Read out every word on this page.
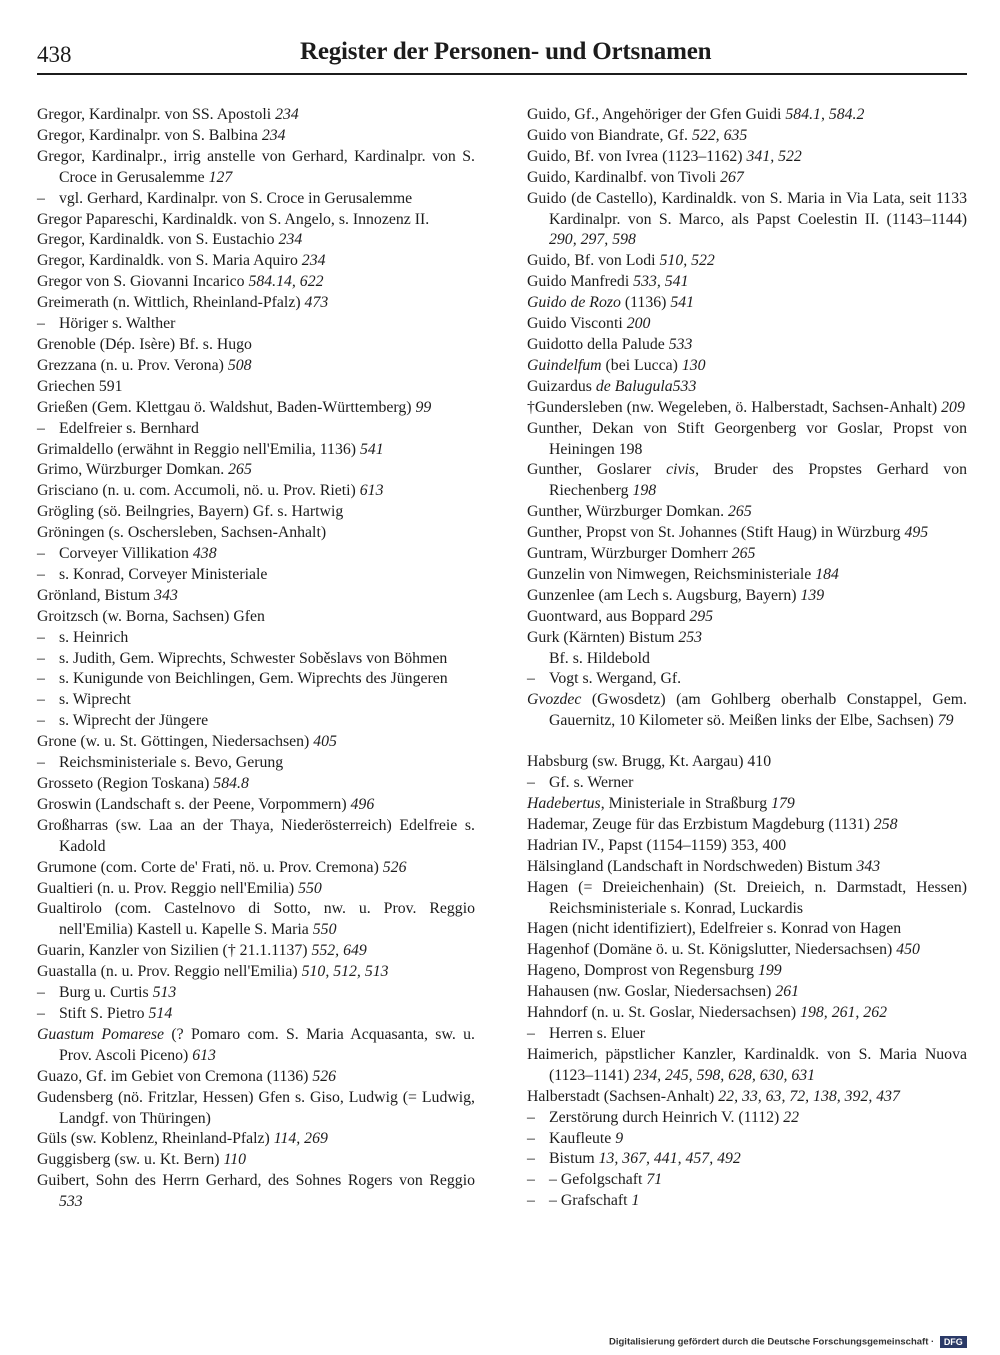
438	Register der Personen- und Ortsnamen

Gregor, Kardinalpr. von SS. Apostoli 234

Gregor, Kardinalpr. von S. Balbina 234

Gregor, Kardinalpr., irrig anstelle von Gerhard, Kardinalpr. von S. Croce in Gerusalemme 127

– vgl. Gerhard, Kardinalpr. von S. Croce in Gerusalemme

Gregor Papareschi, Kardinaldk. von S. Angelo, s. Innozenz II.

Gregor, Kardinaldk. von S. Eustachio 234

Gregor, Kardinaldk. von S. Maria Aquiro 234

Gregor von S. Giovanni Incarico 584.14, 622

Greimerath (n. Wittlich, Rheinland-Pfalz) 473

– Höriger s. Walther

Grenoble (Dép. Isère) Bf. s. Hugo

Grezzana (n. u. Prov. Verona) 508

Griechen 591

Grießen (Gem. Klettgau ö. Waldshut, Baden-Württemberg) 99

– Edelfreier s. Bernhard

Grimaldello (erwähnt in Reggio nell'Emilia, 1136) 541

Grimo, Würzburger Domkan. 265

Grisciano (n. u. com. Accumoli, nö. u. Prov. Rieti) 613

Grögling (sö. Beilngries, Bayern) Gf. s. Hartwig

Gröningen (s. Oschersleben, Sachsen-Anhalt)

– Corveyer Villikation 438

– s. Konrad, Corveyer Ministeriale

Grönland, Bistum 343

Groitzsch (w. Borna, Sachsen) Gfen

– s. Heinrich

– s. Judith, Gem. Wiprechts, Schwester Soběslavs von Böhmen

– s. Kunigunde von Beichlingen, Gem. Wiprechts des Jüngeren

– s. Wiprecht

– s. Wiprecht der Jüngere

Grone (w. u. St. Göttingen, Niedersachsen) 405

– Reichsministeriale s. Bevo, Gerung

Grosseto (Region Toskana) 584.8

Groswin (Landschaft s. der Peene, Vorpommern) 496

Großharras (sw. Laa an der Thaya, Niederösterreich) Edelfreie s. Kadold

Grumone (com. Corte de' Frati, nö. u. Prov. Cremona) 526

Gualtieri (n. u. Prov. Reggio nell'Emilia) 550

Gualtirolo (com. Castelnovo di Sotto, nw. u. Prov. Reggio nell'Emilia) Kastell u. Kapelle S. Maria 550

Guarin, Kanzler von Sizilien († 21.1.1137) 552, 649

Guastalla (n. u. Prov. Reggio nell'Emilia) 510, 512, 513

– Burg u. Curtis 513

– Stift S. Pietro 514

Guastum Pomarese (? Pomaro com. S. Maria Acquasanta, sw. u. Prov. Ascoli Piceno) 613

Guazo, Gf. im Gebiet von Cremona (1136) 526

Gudensberg (nö. Fritzlar, Hessen) Gfen s. Giso, Ludwig (= Ludwig, Landgf. von Thüringen)

Güls (sw. Koblenz, Rheinland-Pfalz) 114, 269

Guggisberg (sw. u. Kt. Bern) 110

Guibert, Sohn des Herrn Gerhard, des Sohnes Rogers von Reggio 533

Guido, Gf., Angehöriger der Gfen Guidi 584.1, 584.2

Guido von Biandrate, Gf. 522, 635

Guido, Bf. von Ivrea (1123–1162) 341, 522

Guido, Kardinalbf. von Tivoli 267

Guido (de Castello), Kardinaldk. von S. Maria in Via Lata, seit 1133 Kardinalpr. von S. Marco, als Papst Coelestin II. (1143–1144) 290, 297, 598

Guido, Bf. von Lodi 510, 522

Guido Manfredi 533, 541

Guido de Rozo (1136) 541

Guido Visconti 200

Guidotto della Palude 533

Guindelfum (bei Lucca) 130

Guizardus de Balugula533

†Gundersleben (nw. Wegeleben, ö. Halberstadt, Sachsen-Anhalt) 209

Gunther, Dekan von Stift Georgenberg vor Goslar, Propst von Heiningen 198

Gunther, Goslarer civis, Bruder des Propstes Gerhard von Riechenberg 198

Gunther, Würzburger Domkan. 265

Gunther, Propst von St. Johannes (Stift Haug) in Würzburg 495

Guntram, Würzburger Domherr 265

Gunzelin von Nimwegen, Reichsministeriale 184

Gunzenlee (am Lech s. Augsburg, Bayern) 139

Guontward, aus Boppard 295

Gurk (Kärnten) Bistum 253

Bf. s. Hildebold

– Vogt s. Wergand, Gf.

Gvozdec (Gwosdetz) (am Gohlberg oberhalb Constappel, Gem. Gauernitz, 10 Kilometer sö. Meißen links der Elbe, Sachsen) 79

Habsburg (sw. Brugg, Kt. Aargau) 410

– Gf. s. Werner

Hadebertus, Ministeriale in Straßburg 179

Hademar, Zeuge für das Erzbistum Magdeburg (1131) 258

Hadrian IV., Papst (1154–1159) 353, 400

Hälsingland (Landschaft in Nordschweden) Bistum 343

Hagen (= Dreieichenhain) (St. Dreieich, n. Darmstadt, Hessen) Reichsministeriale s. Konrad, Luckardis

Hagen (nicht identifiziert), Edelfreier s. Konrad von Hagen

Hagenhof (Domäne ö. u. St. Königslutter, Niedersachsen) 450

Hageno, Domprost von Regensburg 199

Hahausen (nw. Goslar, Niedersachsen) 261

Hahndorf (n. u. St. Goslar, Niedersachsen) 198, 261, 262

– Herren s. Eluer

Haimerich, päpstlicher Kanzler, Kardinaldk. von S. Maria Nuova (1123–1141) 234, 245, 598, 628, 630, 631

Halberstadt (Sachsen-Anhalt) 22, 33, 63, 72, 138, 392, 437

– Zerstörung durch Heinrich V. (1112) 22

– Kaufleute 9

– Bistum 13, 367, 441, 457, 492

– – Gefolgschaft 71

– – Grafschaft 1

Digitalisierung gefördert durch die Deutsche Forschungsgemeinschaft · DFG
